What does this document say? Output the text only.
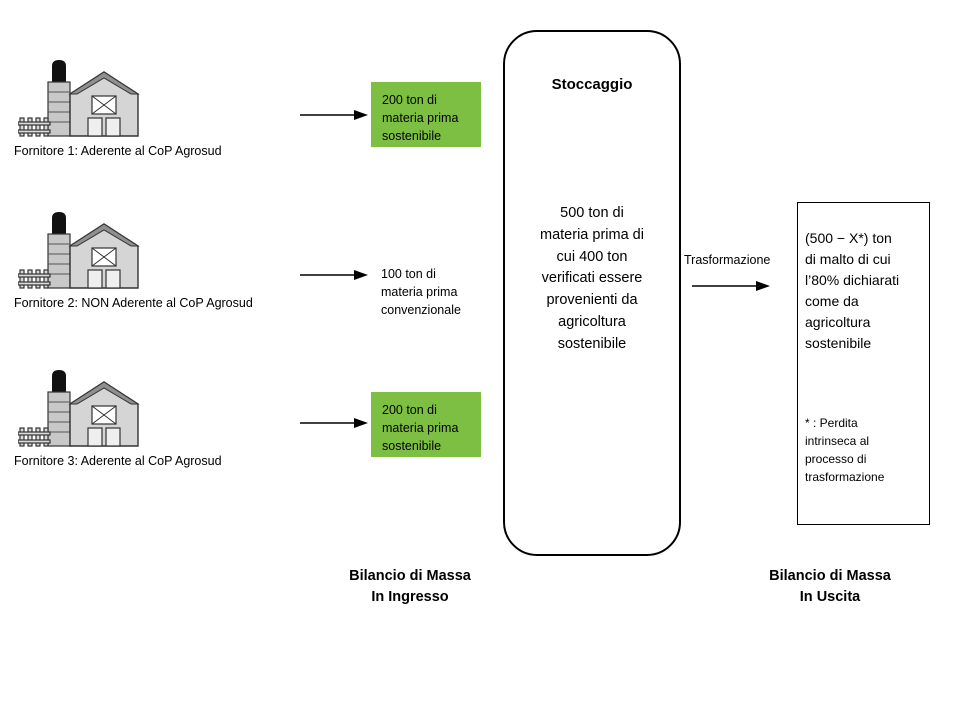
Fornitore 1: Aderente al CoP Agrosud
200 ton di
materia prima
sostenibile
Fornitore 2: NON Aderente al CoP Agrosud
100 ton di
materia prima
convenzionale
Fornitore 3: Aderente al CoP Agrosud
200 ton di
materia prima
sostenibile
Stoccaggio
500 ton di
materia prima di
cui 400 ton
verificati essere
provenienti da
agricoltura
sostenibile
Trasformazione
(500 − X*) ton
di malto di cui
l’80% dichiarati
come da
agricoltura
sostenibile
* : Perdita
intrinseca al
processo di
trasformazione
Bilancio di Massa
In Ingresso
Bilancio di Massa
In Uscita
